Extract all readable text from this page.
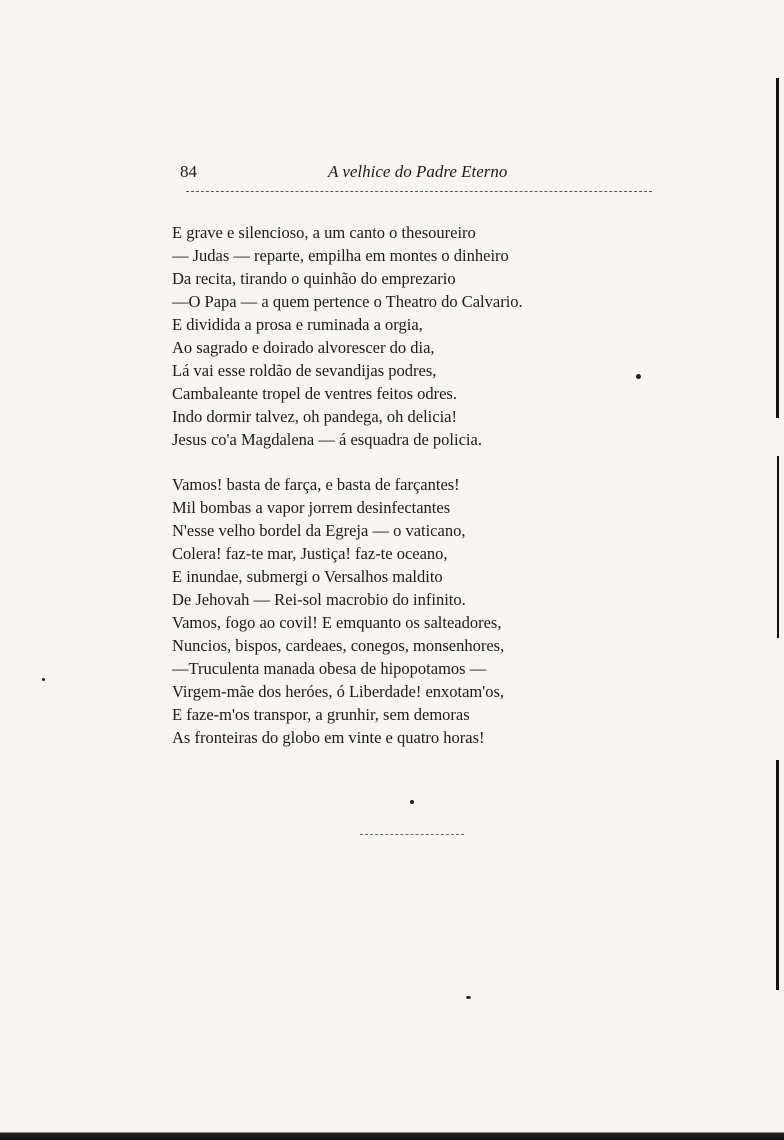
84	A velhice do Padre Eterno
E grave e silencioso, a um canto o thesoureiro
— Judas — reparte, empilha em montes o dinheiro
Da recita, tirando o quinhão do emprezario
—O Papa — a quem pertence o Theatro do Calvario.
E dividida a prosa e ruminada a orgia,
Ao sagrado e doirado alvorescer do dia,
Lá vai esse roldão de sevandijas podres,
Cambaleante tropel de ventres feitos odres.
Indo dormir talvez, oh pandega, oh delicia!
Jesus co'a Magdalena — á esquadra de policia.
Vamos! basta de farça, e basta de farçantes!
Mil bombas a vapor jorrem desinfectantes
N'esse velho bordel da Egreja — o vaticano,
Colera! faz-te mar, Justiça! faz-te oceano,
E inundae, submergi o Versalhos maldito
De Jehovah — Rei-sol macrobio do infinito.
Vamos, fogo ao covil! E emquanto os salteadores,
Nuncios, bispos, cardeaes, conegos, monsenhores,
—Truculenta manada obesa de hipopotamos —
Virgem-mãe dos heróes, ó Liberdade! enxotam'os,
E faze-m'os transpor, a grunhir, sem demoras
As fronteiras do globo em vinte e quatro horas!
